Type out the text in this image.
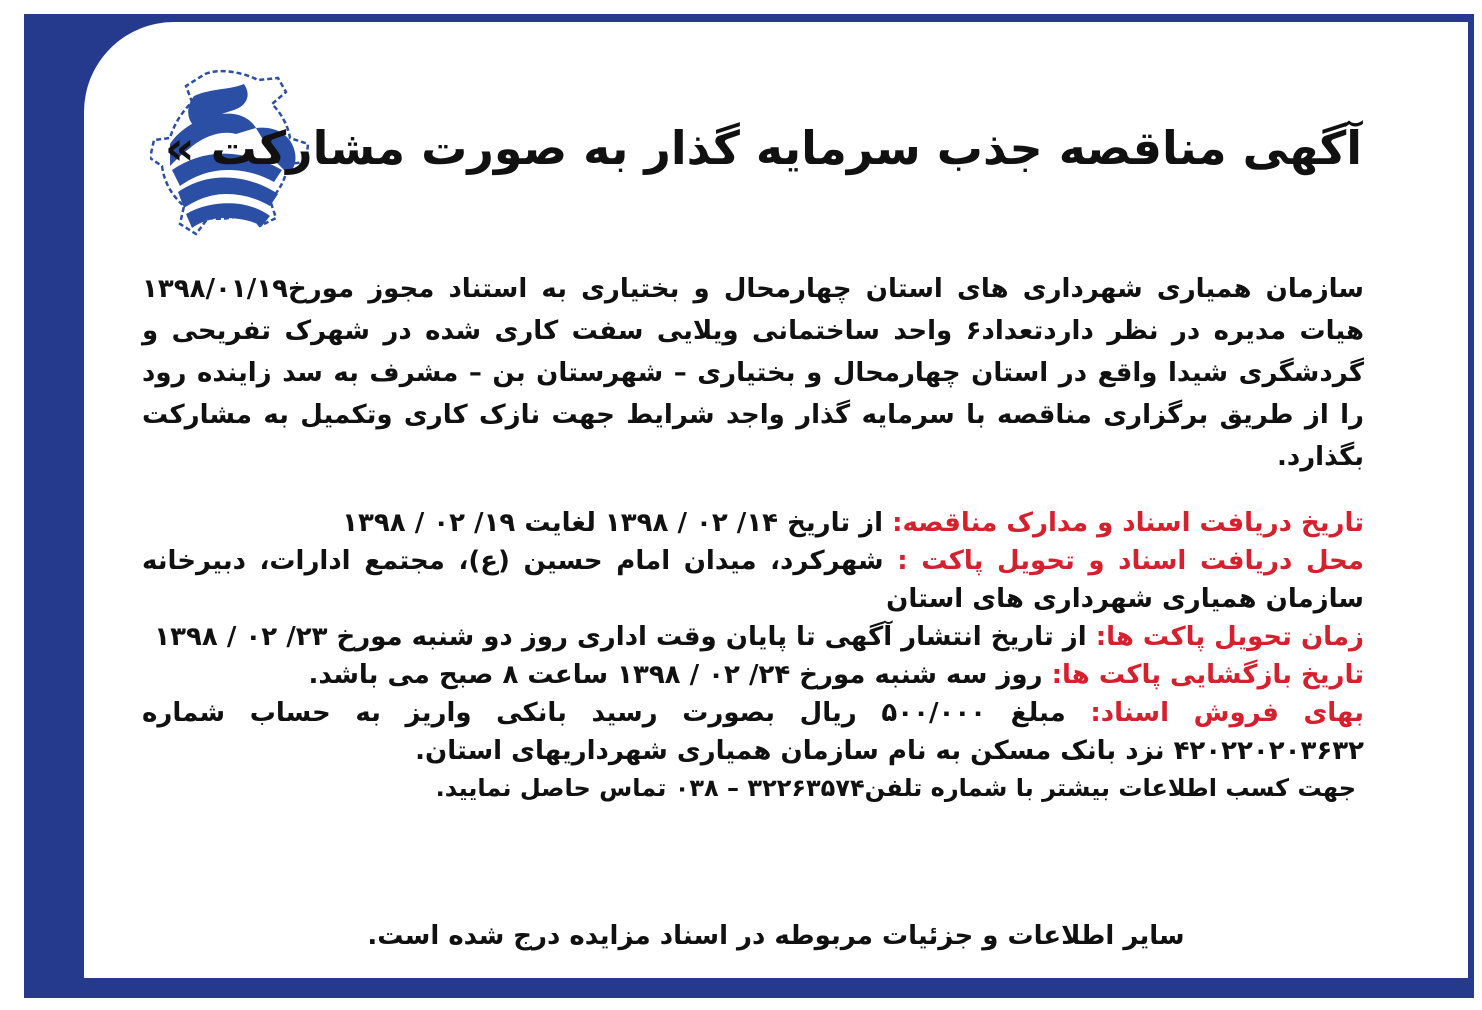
آگهی مناقصه جذب سرمایه گذار به صورت مشارکت »

سازمان همیاری شهرداری های استان چهارمحال و بختیاری به استناد مجوز مورخ۱۳۹۸/۰۱/۱۹ هیات مدیره در نظر داردتعداد۶ واحد ساختمانی ویلایی سفت کاری شده در شهرک تفریحی و گردشگری شیدا واقع در استان چهارمحال و بختیاری – شهرستان بن – مشرف به سد زاینده رود را از طریق برگزاری مناقصه با سرمایه گذار واجد شرایط جهت نازک کاری وتکمیل به مشارکت بگذارد.

تاریخ دریافت اسناد و مدارک مناقصه: از تاریخ ۱۴/ ۰۲ / ۱۳۹۸ لغایت ۱۹/ ۰۲ / ۱۳۹۸

محل دریافت اسناد و تحویل پاکت : شهرکرد، میدان امام حسین (ع)، مجتمع ادارات، دبیرخانه سازمان همیاری شهرداری های استان

زمان تحویل پاکت ها: از تاریخ انتشار آگهی تا پایان وقت اداری روز دو شنبه مورخ ۲۳/ ۰۲ / ۱۳۹۸

تاریخ بازگشایی پاکت ها: روز سه شنبه مورخ ۲۴/ ۰۲ / ۱۳۹۸ ساعت ۸ صبح می باشد.

بهای فروش اسناد: مبلغ ۵۰۰/۰۰۰ ریال بصورت رسید بانکی واریز به حساب شماره ۴۲۰۲۲۰۲۰۳۶۳۲ نزد بانک مسکن به نام سازمان همیاری شهرداریهای استان.

جهت کسب اطلاعات بیشتر با شماره تلفن۳۲۲۶۳۵۷۴ – ۰۳۸ تماس حاصل نمایید.

سایر اطلاعات و جزئیات مربوطه در اسناد مزایده درج شده است.
